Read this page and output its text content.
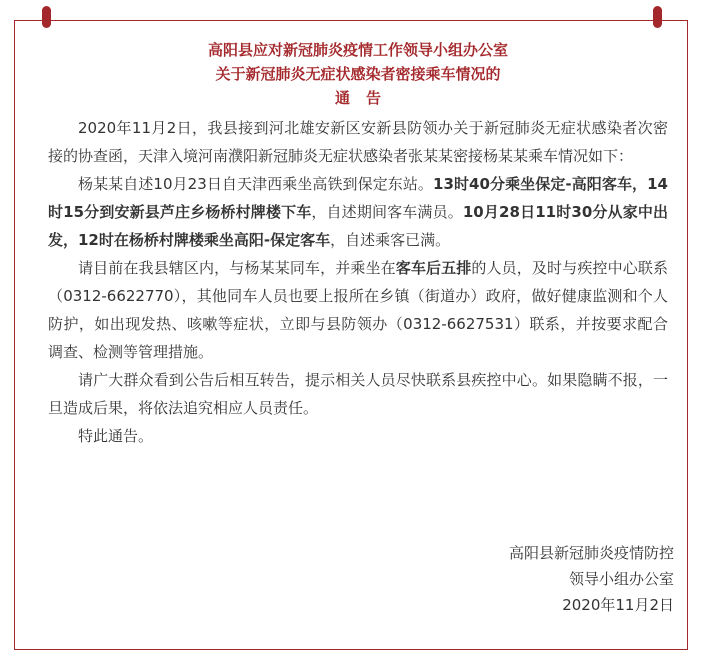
高阳县应对新冠肺炎疫情工作领导小组办公室

关于新冠肺炎无症状感染者密接乘车情况的

通告

2020年11月2日，我县接到河北雄安新区安新县防领办关于新冠肺炎无症状感染者次密接的协查函，天津入境河南濮阳新冠肺炎无症状感染者张某某密接杨某某乘车情况如下：

杨某某自述10月23日自天津西乘坐高铁到保定东站。13时40分乘坐保定-高阳客车，14时15分到安新县芦庄乡杨桥村牌楼下车，自述期间客车满员。10月28日11时30分从家中出发，12时在杨桥村牌楼乘坐高阳-保定客车，自述乘客已满。

请目前在我县辖区内，与杨某某同车，并乘坐在客车后五排的人员，及时与疾控中心联系（0312-6622770），其他同车人员也要上报所在乡镇（街道办）政府，做好健康监测和个人防护，如出现发热、咳嗽等症状，立即与县防领办（0312-6627531）联系，并按要求配合调查、检测等管理措施。

请广大群众看到公告后相互转告，提示相关人员尽快联系县疾控中心。如果隐瞒不报，一旦造成后果，将依法追究相应人员责任。

特此通告。

高阳县新冠肺炎疫情防控
领导小组办公室
2020年11月2日
